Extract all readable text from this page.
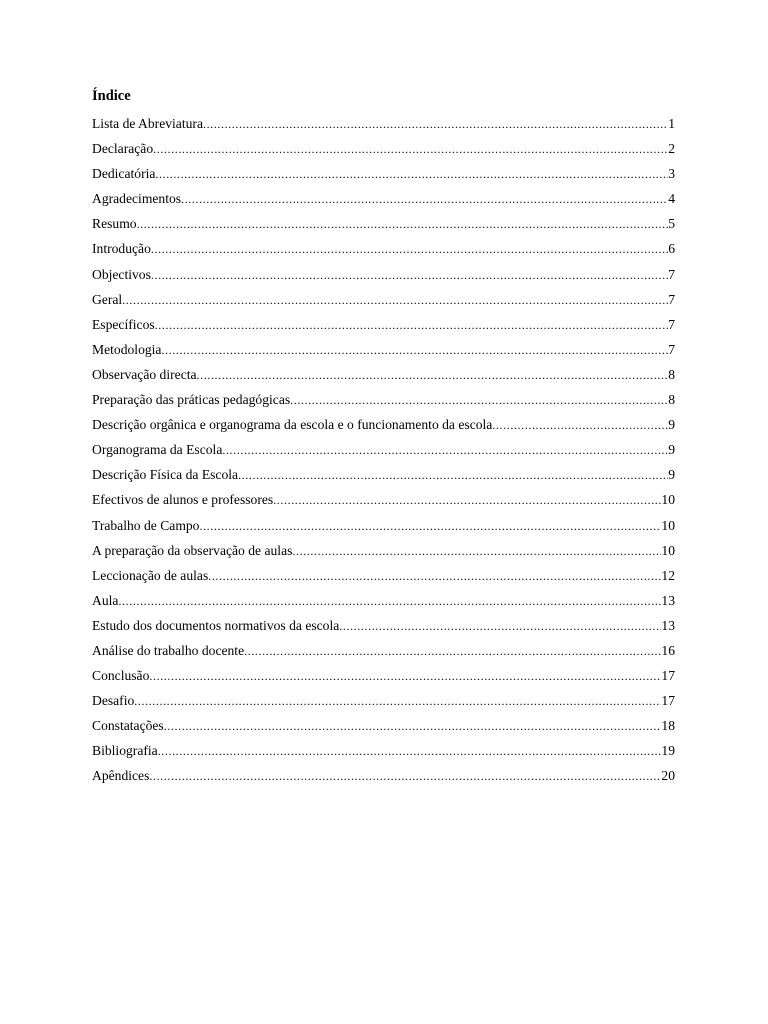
Índice
Lista de Abreviatura .....	1
Declaração .....	2
Dedicatória .....	3
Agradecimentos .....	4
Resumo .....	5
Introdução .....	6
Objectivos .....	7
Geral .....	7
Específicos .....	7
Metodologia .....	7
Observação directa .....	8
Preparação das práticas pedagógicas .....	8
Descrição orgânica e organograma da escola e o funcionamento da escola .....	9
Organograma da Escola .....	9
Descrição Física da Escola .....	9
Efectivos de alunos e professores .....	10
Trabalho de Campo .....	10
A preparação da observação de aulas .....	10
Leccionação de aulas .....	12
Aula .....	13
Estudo dos documentos normativos da escola .....	13
Análise do trabalho docente .....	16
Conclusão .....	17
Desafio .....	17
Constatações .....	18
Bibliografia .....	19
Apêndices .....	20
